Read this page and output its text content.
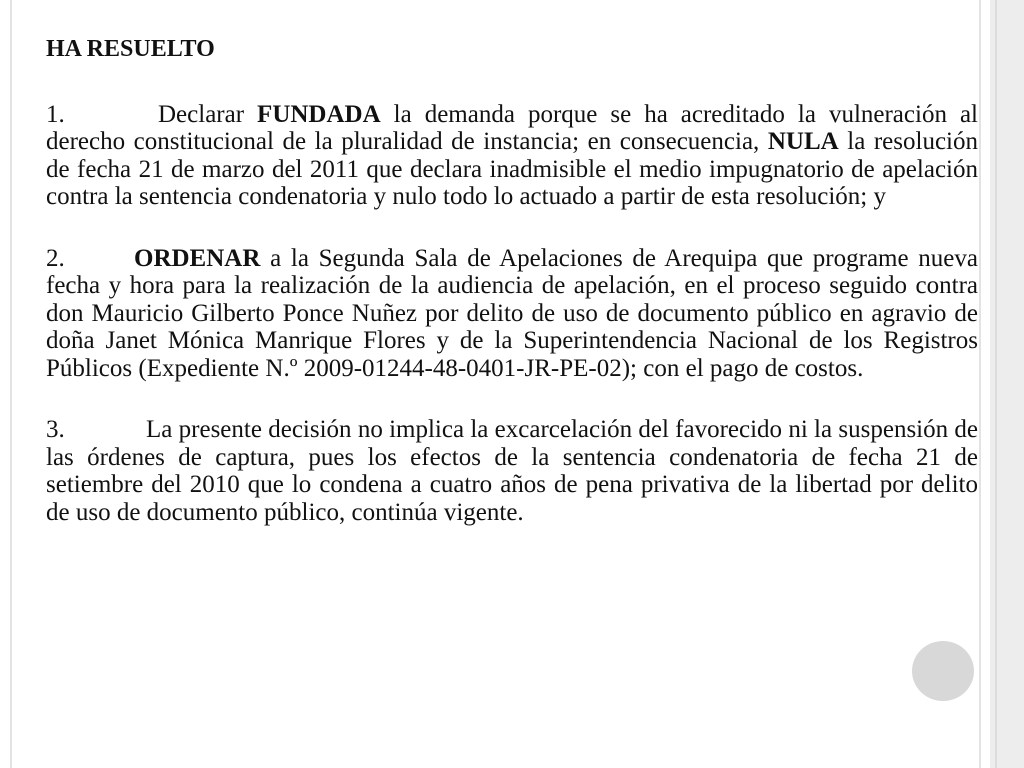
HA RESUELTO
1.	Declarar FUNDADA la demanda porque se ha acreditado la vulneración al derecho constitucional de la pluralidad de instancia; en consecuencia, NULA la resolución de fecha 21 de marzo del 2011 que declara inadmisible el medio impugnatorio de apelación contra la sentencia condenatoria y nulo todo lo actuado a partir de esta resolución; y
2.	ORDENAR a la Segunda Sala de Apelaciones de Arequipa que programe nueva fecha y hora para la realización de la audiencia de apelación, en el proceso seguido contra don Mauricio Gilberto Ponce Nuñez por delito de uso de documento público en agravio de doña Janet Mónica Manrique Flores y de la Superintendencia Nacional de los Registros Públicos (Expediente N.º 2009-01244-48-0401-JR-PE-02); con el pago de costos.
3.	La presente decisión no implica la excarcelación del favorecido ni la suspensión de las órdenes de captura, pues los efectos de la sentencia condenatoria de fecha 21 de setiembre del 2010 que lo condena a cuatro años de pena privativa de la libertad por delito de uso de documento público, continúa vigente.
